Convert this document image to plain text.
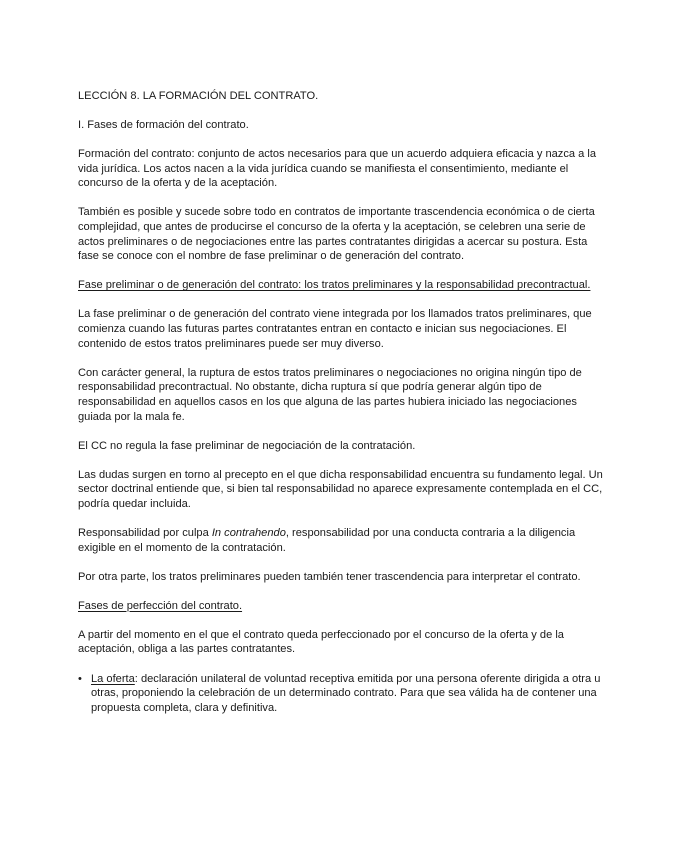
LECCIÓN 8. LA FORMACIÓN DEL CONTRATO.

I. Fases de formación del contrato.

Formación del contrato: conjunto de actos necesarios para que un acuerdo adquiera eficacia y nazca a la vida jurídica. Los actos nacen a la vida jurídica cuando se manifiesta el consentimiento, mediante el concurso de la oferta y de la aceptación.

También es posible y sucede sobre todo en contratos de importante trascendencia económica o de cierta complejidad, que antes de producirse el concurso de la oferta y la aceptación, se celebren una serie de actos preliminares o de negociaciones entre las partes contratantes dirigidas a acercar su postura. Esta fase se conoce con el nombre de fase preliminar o de generación del contrato.

Fase preliminar o de generación del contrato: los tratos preliminares y la responsabilidad precontractual.

La fase preliminar o de generación del contrato viene integrada por los llamados tratos preliminares, que comienza cuando las futuras partes contratantes entran en contacto e inician sus negociaciones. El contenido de estos tratos preliminares puede ser muy diverso.

Con carácter general, la ruptura de estos tratos preliminares o negociaciones no origina ningún tipo de responsabilidad precontractual. No obstante, dicha ruptura sí que podría generar algún tipo de responsabilidad en aquellos casos en los que alguna de las partes hubiera iniciado las negociaciones guiada por la mala fe.

El CC no regula la fase preliminar de negociación de la contratación.

Las dudas surgen en torno al precepto en el que dicha responsabilidad encuentra su fundamento legal. Un sector doctrinal entiende que, si bien tal responsabilidad no aparece expresamente contemplada en el CC, podría quedar incluida.

Responsabilidad por culpa In contrahendo, responsabilidad por una conducta contraria a la diligencia exigible en el momento de la contratación.

Por otra parte, los tratos preliminares pueden también tener trascendencia para interpretar el contrato.

Fases de perfección del contrato.

A partir del momento en el que el contrato queda perfeccionado por el concurso de la oferta y de la aceptación, obliga a las partes contratantes.

• La oferta: declaración unilateral de voluntad receptiva emitida por una persona oferente dirigida a otra u otras, proponiendo la celebración de un determinado contrato. Para que sea válida ha de contener una propuesta completa, clara y definitiva.
